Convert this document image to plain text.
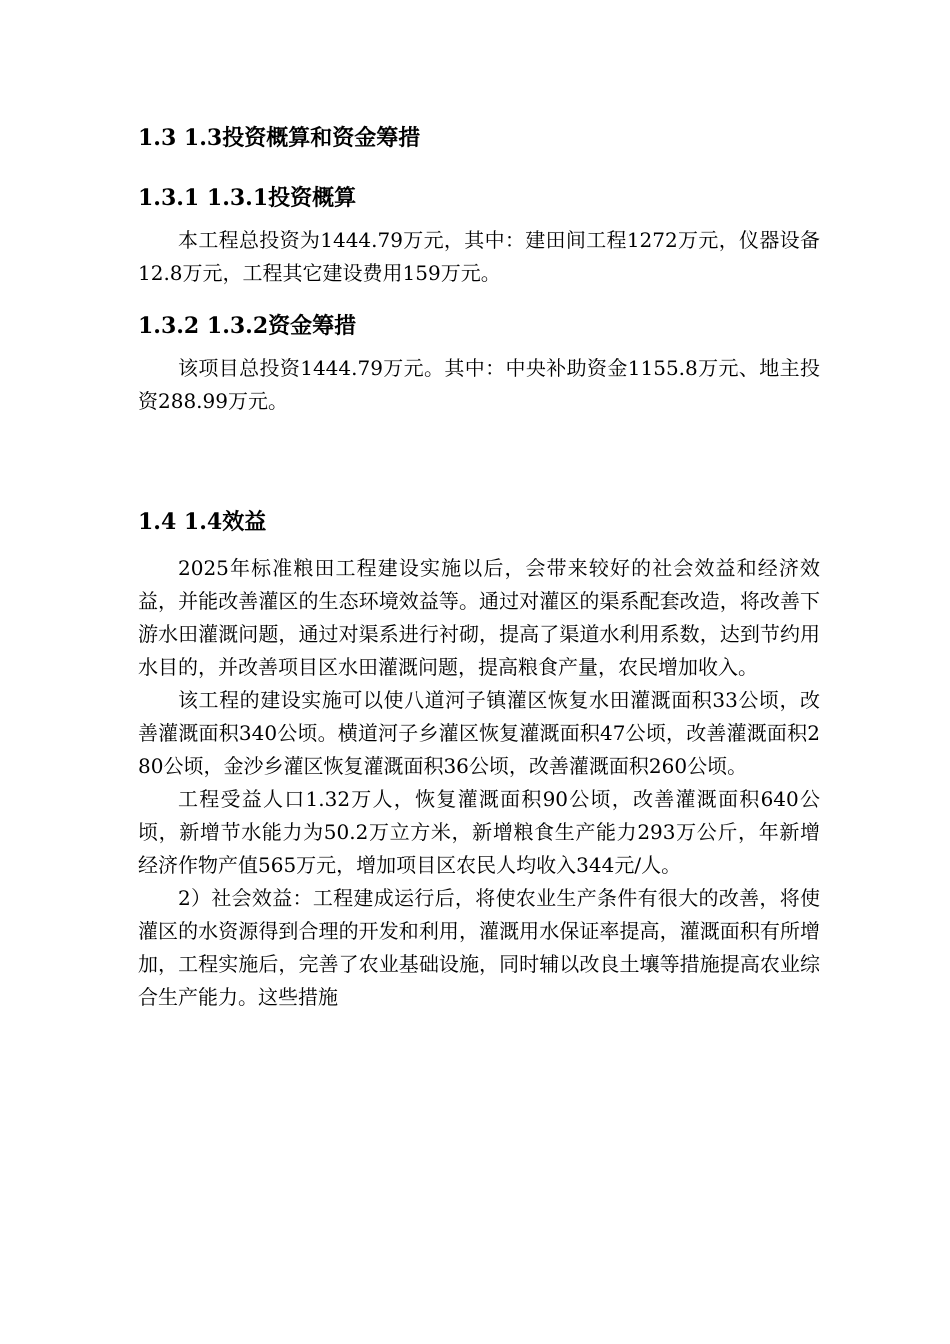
1.3 1.3投资概算和资金筹措
1.3.1 1.3.1投资概算

本工程总投资为1444.79万元，其中：建田间工程1272万元，仪器设备12.8万元，工程其它建设费用159万元。

1.3.2 1.3.2资金筹措

该项目总投资1444.79万元。其中：中央补助资金1155.8万元、地主投资288.99万元。

1.4 1.4效益

2025年标准粮田工程建设实施以后，会带来较好的社会效益和经济效益，并能改善灌区的生态环境效益等。通过对灌区的渠系配套改造，将改善下游水田灌溉问题，通过对渠系进行衬砌，提高了渠道水利用系数，达到节约用水目的，并改善项目区水田灌溉问题，提高粮食产量，农民增加收入。

该工程的建设实施可以使八道河子镇灌区恢复水田灌溉面积33公顷，改善灌溉面积340公顷。横道河子乡灌区恢复灌溉面积47公顷，改善灌溉面积280公顷，金沙乡灌区恢复灌溉面积36公顷，改善灌溉面积260公顷。

工程受益人口1.32万人，恢复灌溉面积90公顷，改善灌溉面积640公顷，新增节水能力为50.2万立方米，新增粮食生产能力293万公斤，年新增经济作物产值565万元，增加项目区农民人均收入344元/人。

2）社会效益：工程建成运行后，将使农业生产条件有很大的改善，将使灌区的水资源得到合理的开发和利用，灌溉用水保证率提高，灌溉面积有所增加，工程实施后，完善了农业基础设施，同时辅以改良土壤等措施提高农业综合生产能力。这些措施
